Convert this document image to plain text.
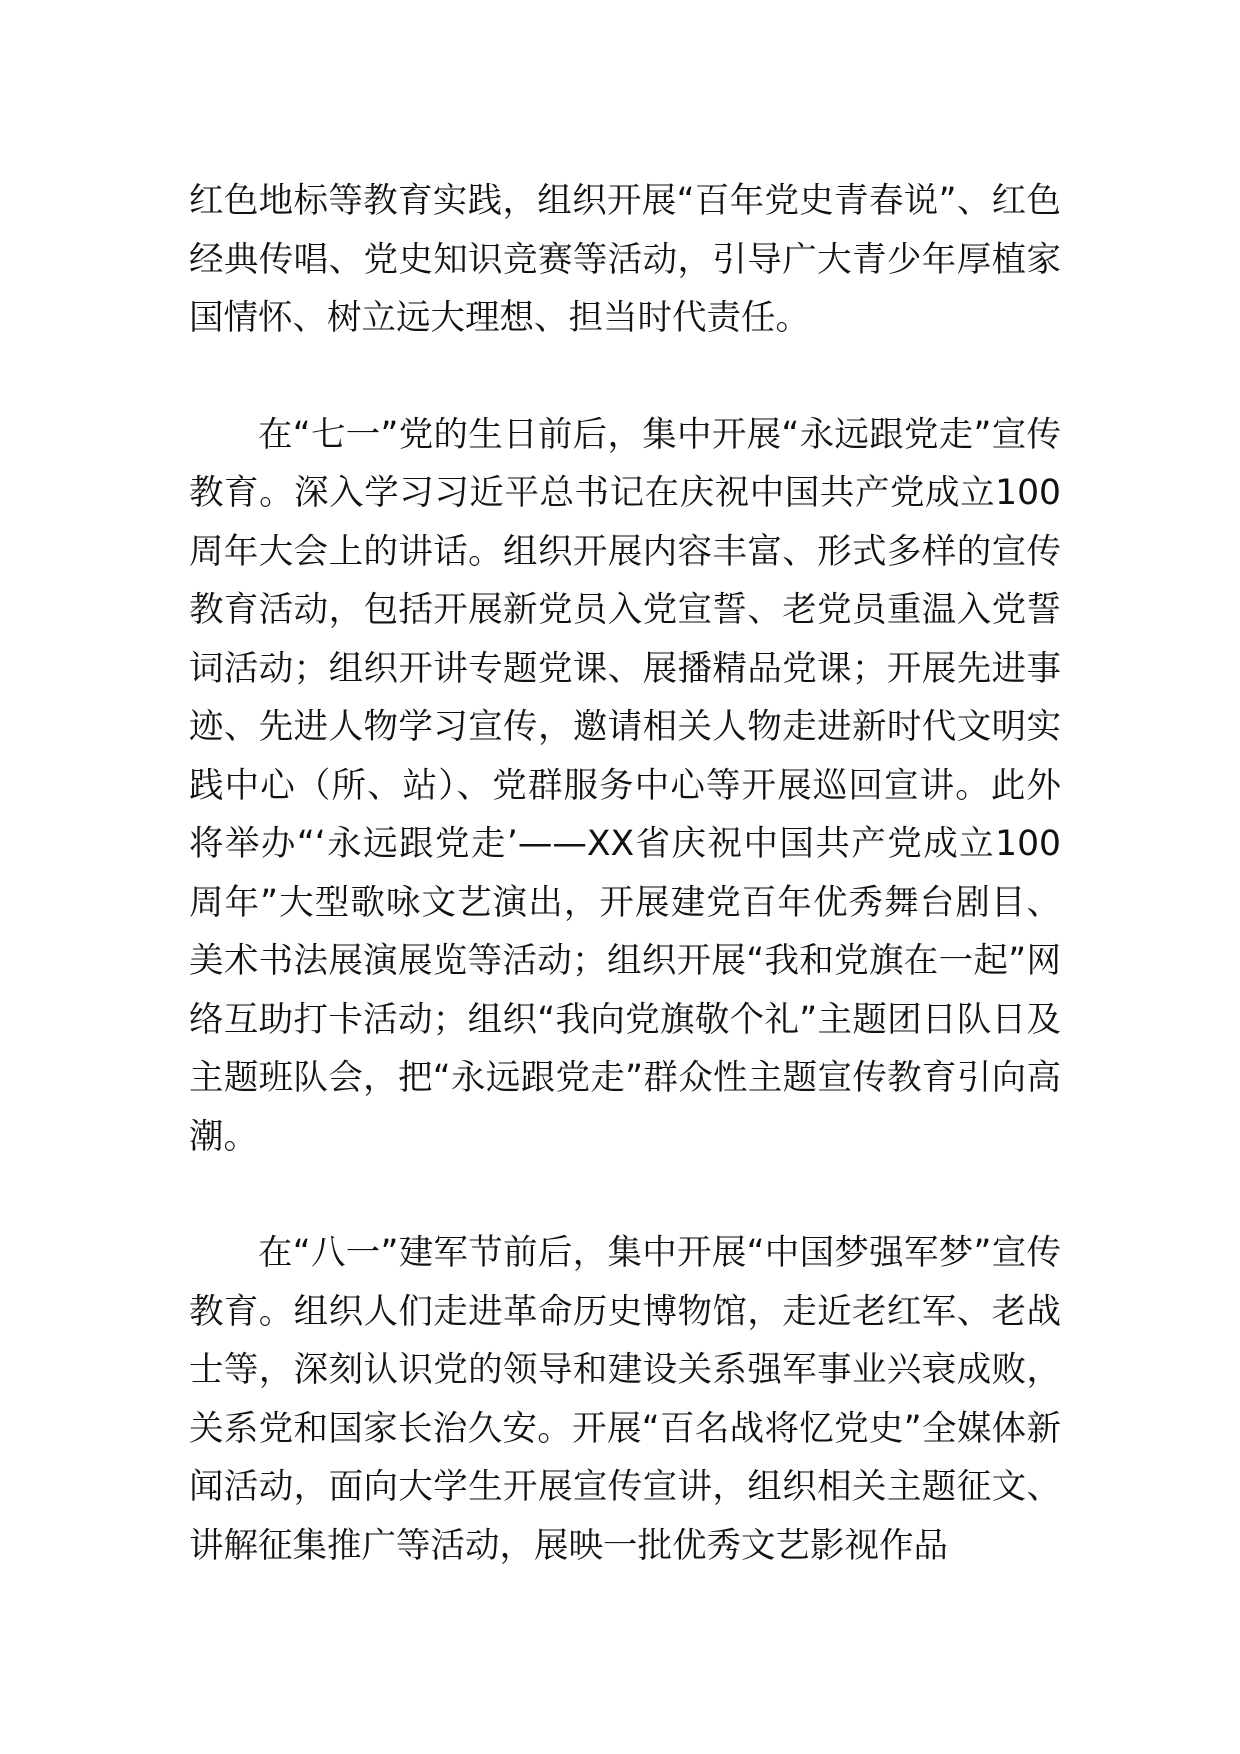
红色地标等教育实践，组织开展“百年党史青春说”、红色经典传唱、党史知识竞赛等活动，引导广大青少年厚植家国情怀、树立远大理想、担当时代责任。

在“七一”党的生日前后，集中开展“永远跟党走”宣传教育。深入学习习近平总书记在庆祝中国共产党成立100周年大会上的讲话。组织开展内容丰富、形式多样的宣传教育活动，包括开展新党员入党宣誓、老党员重温入党誓词活动；组织开讲专题党课、展播精品党课；开展先进事迹、先进人物学习宣传，邀请相关人物走进新时代文明实践中心（所、站）、党群服务中心等开展巡回宣讲。此外将举办“‘永远跟党走’——XX省庆祝中国共产党成立100周年”大型歌咏文艺演出，开展建党百年优秀舞台剧目、美术书法展演展览等活动；组织开展“我和党旗在一起”网络互助打卡活动；组织“我向党旗敬个礼”主题团日队日及主题班队会，把“永远跟党走”群众性主题宣传教育引向高潮。

在“八一”建军节前后，集中开展“中国梦强军梦”宣传教育。组织人们走进革命历史博物馆，走近老红军、老战士等，深刻认识党的领导和建设关系强军事业兴衰成败，关系党和国家长治久安。开展“百名战将忆党史”全媒体新闻活动，面向大学生开展宣传宣讲，组织相关主题征文、讲解征集推广等活动，展映一批优秀文艺影视作品
